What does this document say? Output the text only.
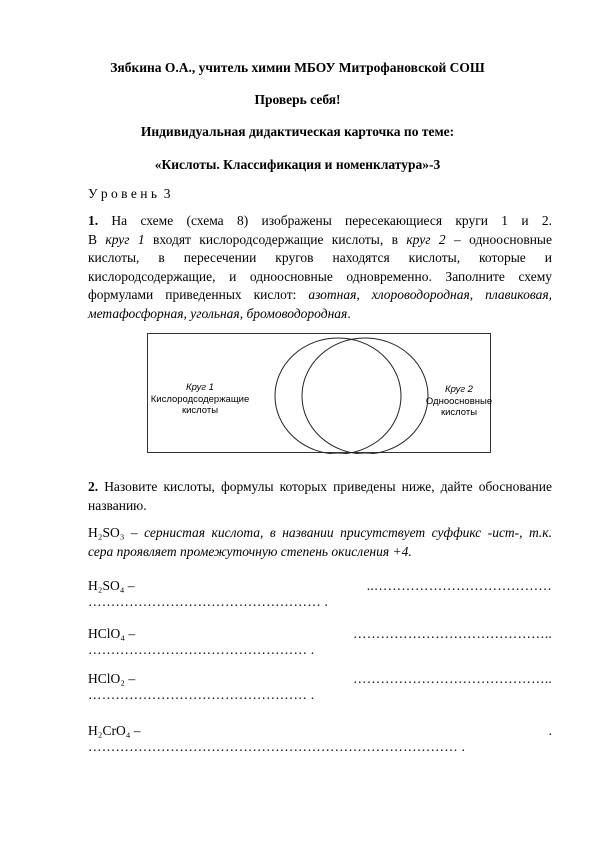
Зябкина О.А., учитель химии МБОУ Митрофановской СОШ
Проверь себя!
Индивидуальная дидактическая карточка по теме:
«Кислоты. Классификация и номенклатура»-3
У р о в е н ь  3

1. На схеме (схема 8) изображены пересекающиеся круги 1 и 2.

В круг 1 входят кислородсодержащие кислоты, в круг 2 – одноосновные

кислоты, в пересечении кругов находятся кислоты, которые и

кислородсодержащие, и одноосновные одновременно. Заполните схему

формулами приведенных кислот: азотная, хлороводородная, плавиковая,

метафосфорная, угольная, бромоводородная.

Круг 1
Кислородсодержащие
кислоты
Круг 2
Одноосновные
кислоты

2. Назовите кислоты, формулы которых приведены ниже, дайте обоснование названию.

H₂SO₃ – сернистая кислота, в названии присутствует суффикс -ист-, т.к. сера проявляет промежуточную степень окисления +4.

H₂SO₄ –	..…………………………………
…………………………………………… .
HСlO₄ –	……………………………………..
………………………………………… .
HСlO₂ –	……………………………………..
………………………………………… .
H₂CrO₄ –	.
……………………………………………………………………… .
